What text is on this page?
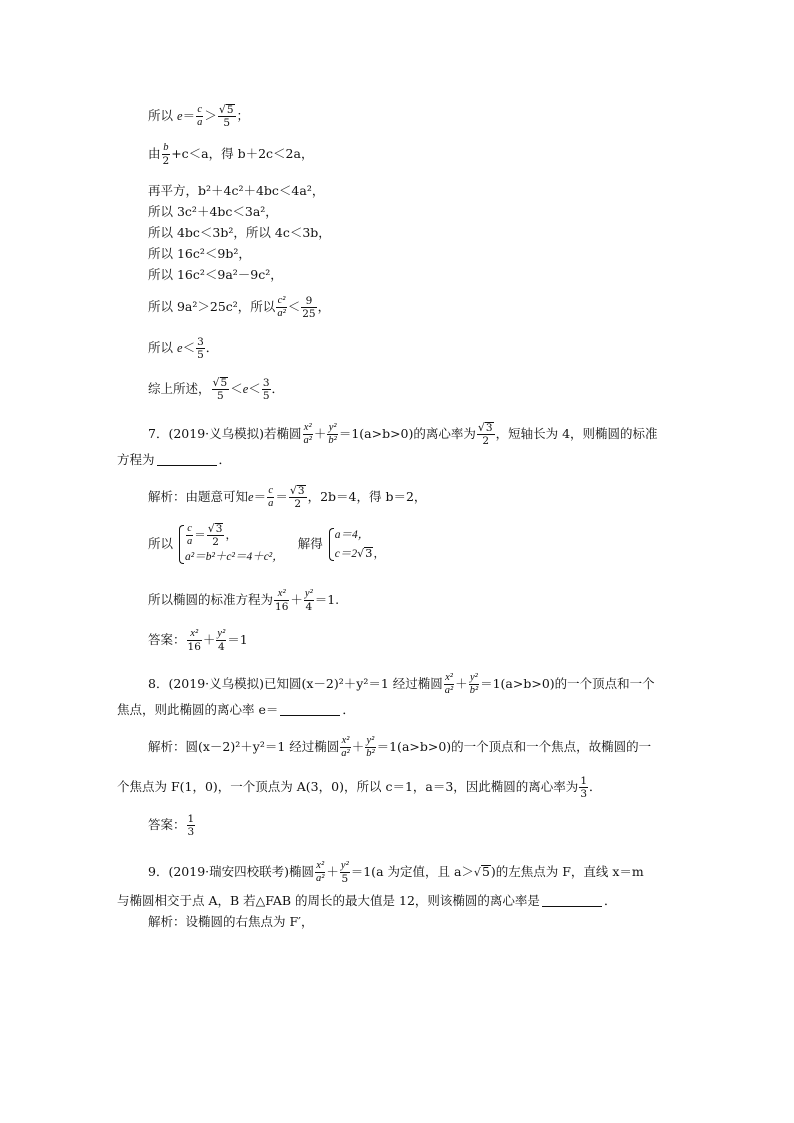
所以 $e= \frac{c}{a} > \frac{√5}{5}$ ；
由 $\frac{b}{2} +c<a$，得 b＋2c＜2a，
再平方，b²＋4c²＋4bc＜4a²，
所以 3c²＋4bc＜3a²，
所以 4bc＜3b²，所以 4c＜3b，
所以 16c²＜9b²，
所以 16c²＜9a²－9c²，
所以 9a²＞25c²，所以 $\frac{\text{c²}}{\text{a²}} < \frac{9}{25}$ ，
所以 $e< \frac{3}{5}$ ．
综上所述， $\frac{√5}{5} <e< \frac{3}{5}$ ．
7．(2019·义乌模拟)若椭圆 $\frac{\text{x²}}{\text{a²}} + \frac{\text{y²}}{\text{b²}} =1(a>b>0)$的离心率为 $\frac{√3}{2}$ ，短轴长为 4，则椭圆的标准
方程为	．
解析：由题意可知$e= \frac{c}{a} = \frac{√3}{2}$ ，2b＝4，得 b＝2，
所以 $\frac{c}{a} = \frac{√3}{2}$ ，
a²＝b²＋c²＝4＋c²，
解得
a＝4，
c＝2√3，
所以椭圆的标准方程为 $\frac{\text{x²}}{16} + \frac{\text{y²}}{4} =1$.
答案： $\frac{\text{x²}}{16} + \frac{\text{y²}}{4} =1$
8．(2019·义乌模拟)已知圆(x－2)²＋y²＝1 经过椭圆 $\frac{\text{x²}}{\text{a²}} + \frac{\text{y²}}{\text{b²}} =1(a>b>0)$的一个顶点和一个
焦点，则此椭圆的离心率 e＝	．
解析：圆(x－2)²＋y²＝1 经过椭圆 $\frac{\text{x²}}{\text{a²}} + \frac{\text{y²}}{\text{b²}} =1(a>b>0)$的一个顶点和一个焦点，故椭圆的一
个焦点为 F(1，0)，一个顶点为 A(3，0)，所以 c＝1，a＝3，因此椭圆的离心率为 $\frac{1}{3}$ ．
答案： $\frac{1}{3}$
9．(2019·瑞安四校联考)椭圆 $\frac{\text{x²}}{\text{a²}} + \frac{\text{y²}}{5} =1(a$ 为定值，且 a＞√5)的左焦点为 F，直线 x＝m
与椭圆相交于点 A，B 若△FAB 的周长的最大值是 12，则该椭圆的离心率是	．
解析：设椭圆的右焦点为 F′，
